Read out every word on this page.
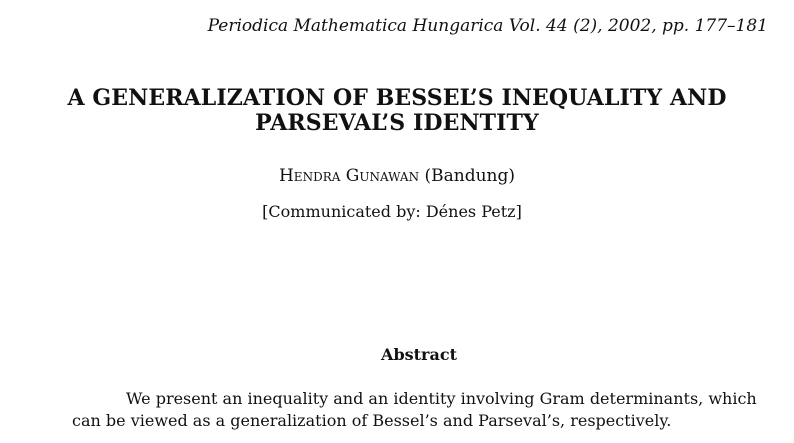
Periodica Mathematica Hungarica Vol. 44 (2), 2002, pp. 177–181
A GENERALIZATION OF BESSEL’S INEQUALITY AND
PARSEVAL’S IDENTITY
Hendra Gunawan (Bandung)
[Communicated by: Dénes Petz]
Abstract
We present an inequality and an identity involving Gram determinants, which
can be viewed as a generalization of Bessel’s and Parseval’s, respectively.
